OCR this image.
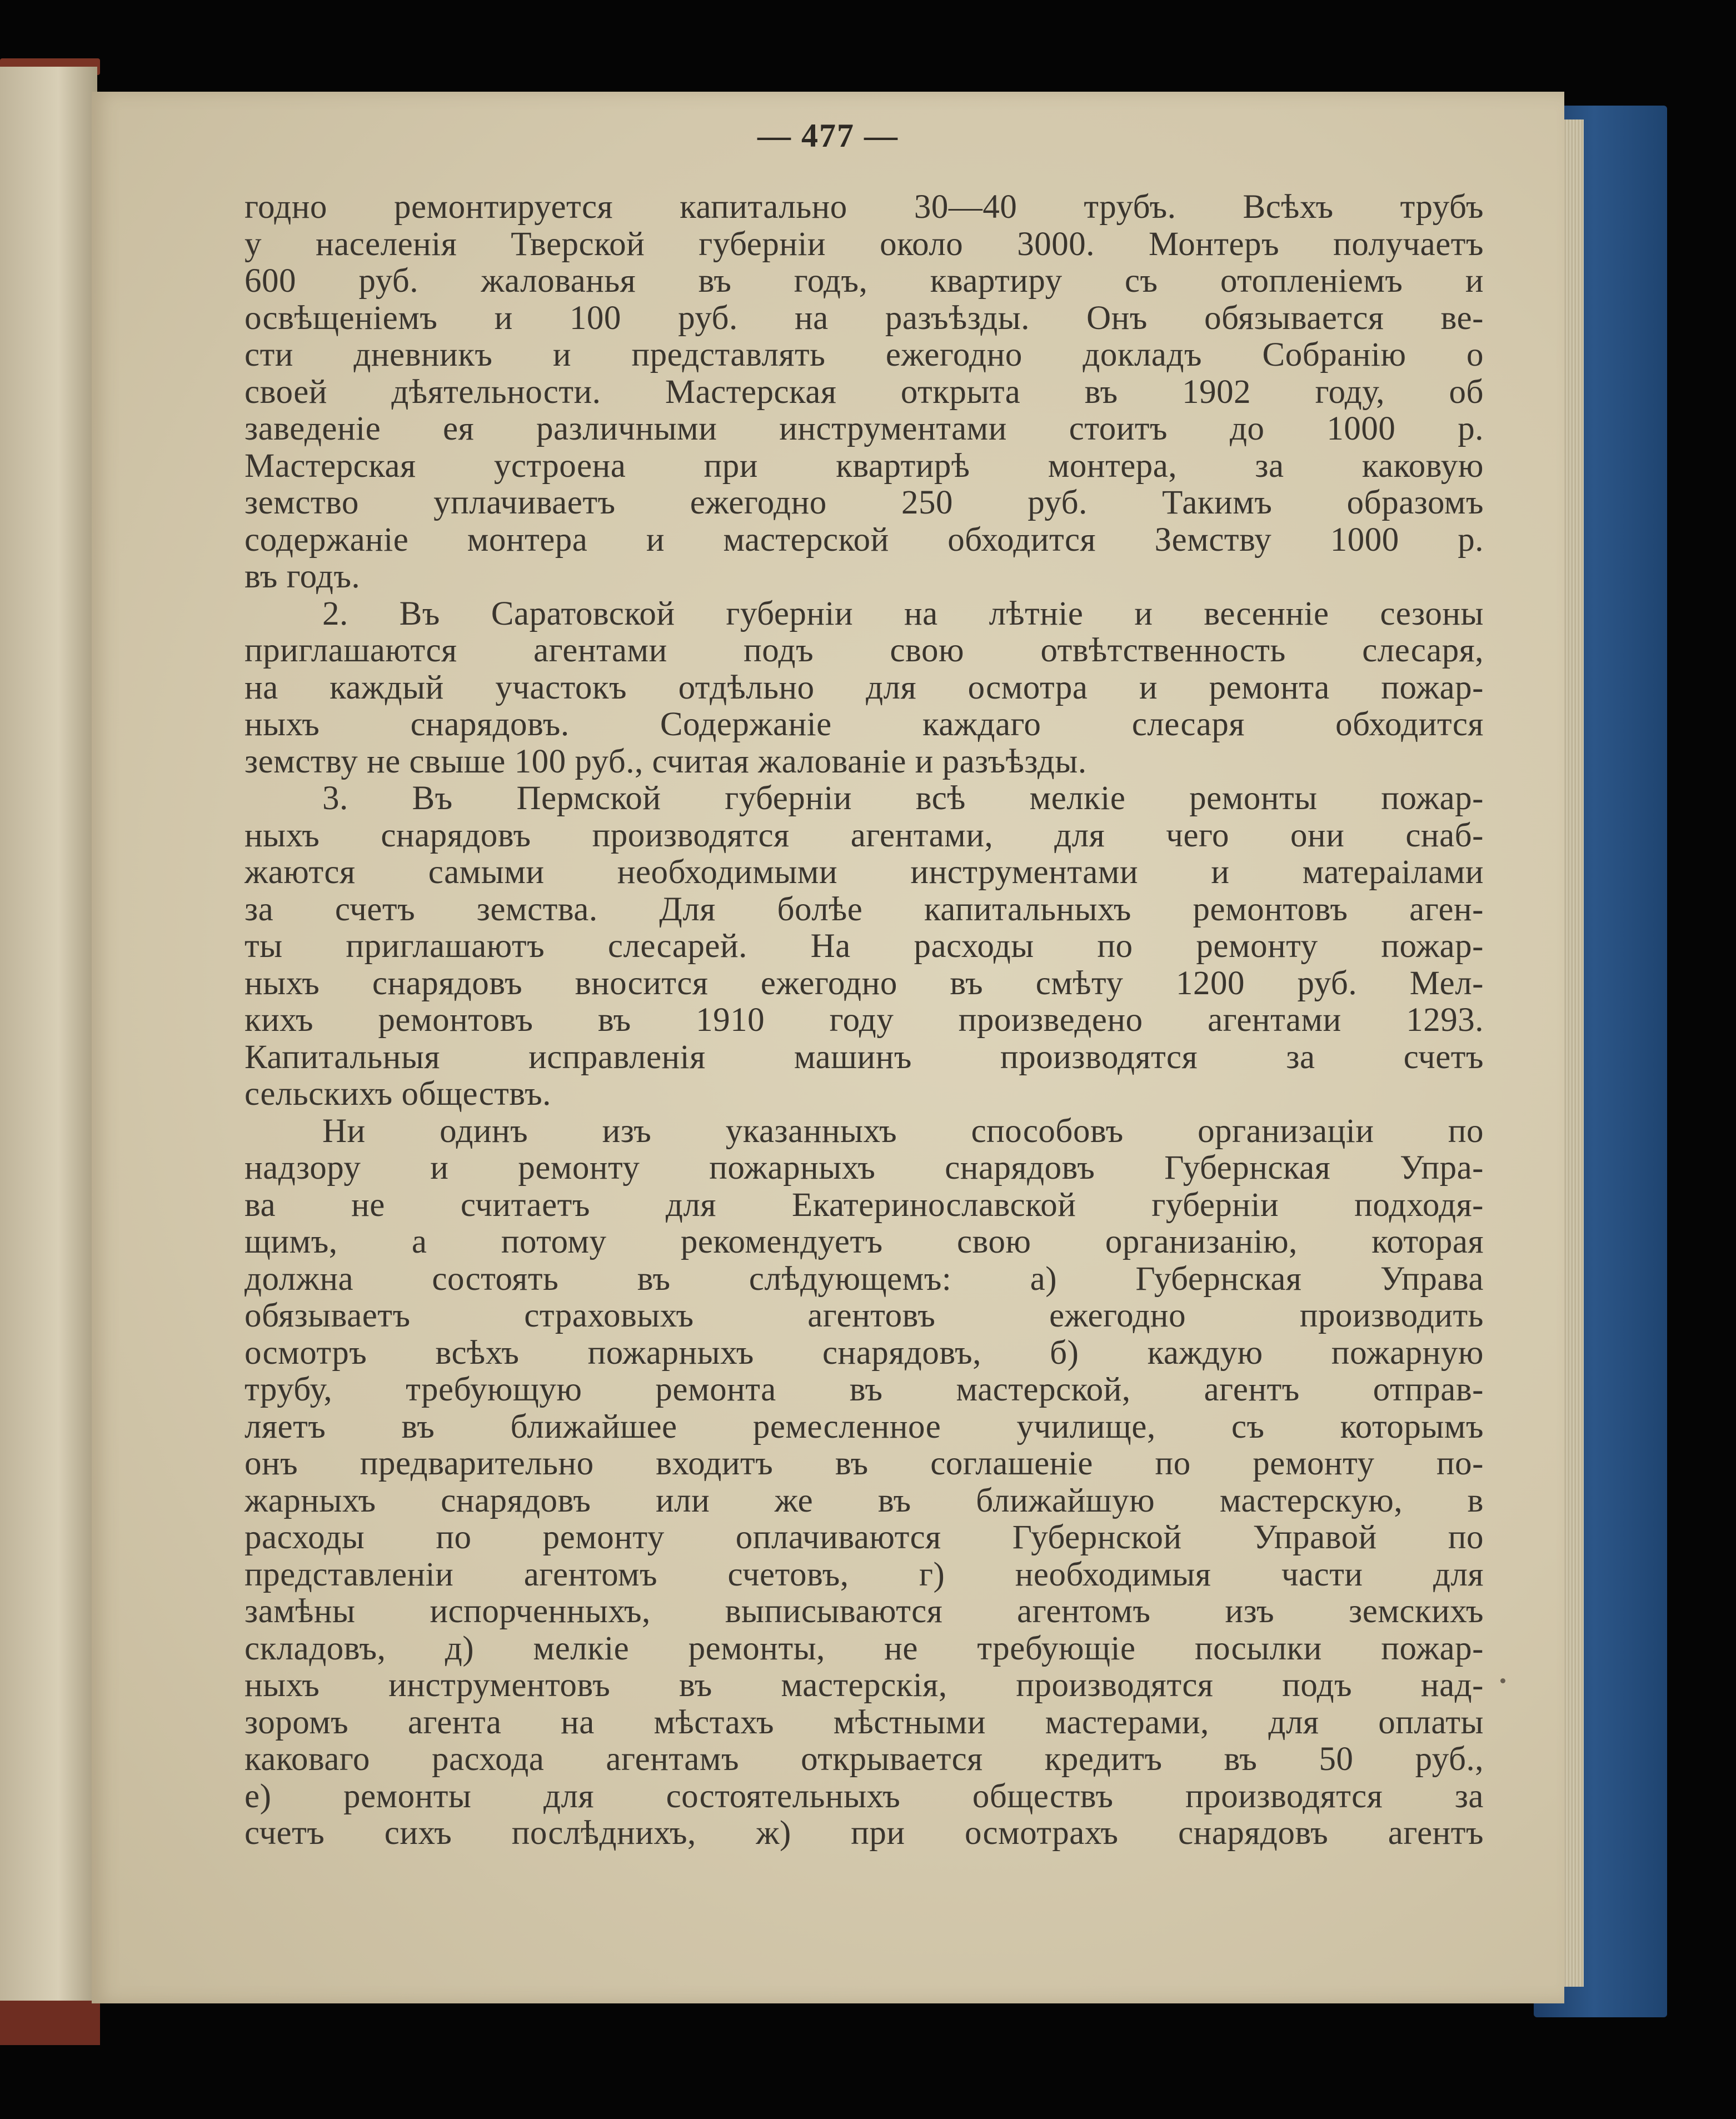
— 477 —
годно ремонтируется капитально 30—40 трубъ. Всѣхъ трубъ
у населенія Тверской губерніи около 3000. Монтеръ получаетъ
600 руб. жалованья въ годъ, квартиру съ отопленіемъ и
освѣщеніемъ и 100 руб. на разъѣзды. Онъ обязывается ве-
сти дневникъ и представлять ежегодно докладъ Собранію о
своей дѣятельности. Мастерская открыта въ 1902 году, об
заведеніе ея различными инструментами стоитъ до 1000 р.
Мастерская устроена при квартирѣ монтера, за каковую
земство уплачиваетъ ежегодно 250 руб. Такимъ образомъ
содержаніе монтера и мастерской обходится Земству 1000 р.
въ годъ.
2. Въ Саратовской губерніи на лѣтніе и весенніе сезоны
приглашаются агентами подъ свою отвѣтственность слесаря,
на каждый участокъ отдѣльно для осмотра и ремонта пожар-
ныхъ снарядовъ. Содержаніе каждаго слесаря обходится
земству не свыше 100 руб., считая жалованіе и разъѣзды.
3. Въ Пермской губерніи всѣ мелкіе ремонты пожар-
ныхъ снарядовъ производятся агентами, для чего они снаб-
жаются самыми необходимыми инструментами и матераілами
за счетъ земства. Для болѣе капитальныхъ ремонтовъ аген-
ты приглашаютъ слесарей. На расходы по ремонту пожар-
ныхъ снарядовъ вносится ежегодно въ смѣту 1200 руб. Мел-
кихъ ремонтовъ въ 1910 году произведено агентами 1293.
Капитальныя исправленія машинъ производятся за счетъ
сельскихъ обществъ.
Ни одинъ изъ указанныхъ способовъ организаціи по
надзору и ремонту пожарныхъ снарядовъ Губернская Упра-
ва не считаетъ для Екатеринославской губерніи подходя-
щимъ, а потому рекомендуетъ свою организанію, которая
должна состоять въ слѣдующемъ: а) Губернская Управа
обязываетъ страховыхъ агентовъ ежегодно производить
осмотръ всѣхъ пожарныхъ снарядовъ, б) каждую пожарную
трубу, требующую ремонта въ мастерской, агентъ отправ-
ляетъ въ ближайшее ремесленное училище, съ которымъ
онъ предварительно входитъ въ соглашеніе по ремонту по-
жарныхъ снарядовъ или же въ ближайшую мастерскую, в
расходы по ремонту оплачиваются Губернской Управой по
представленіи агентомъ счетовъ, г) необходимыя части для
замѣны испорченныхъ, выписываются агентомъ изъ земскихъ
складовъ, д) мелкіе ремонты, не требующіе посылки пожар-
ныхъ инструментовъ въ мастерскія, производятся подъ над-
зоромъ агента на мѣстахъ мѣстными мастерами, для оплаты
каковаго расхода агентамъ открывается кредитъ въ 50 руб.,
е) ремонты для состоятельныхъ обществъ производятся за
счетъ сихъ послѣднихъ, ж) при осмотрахъ снарядовъ агентъ
